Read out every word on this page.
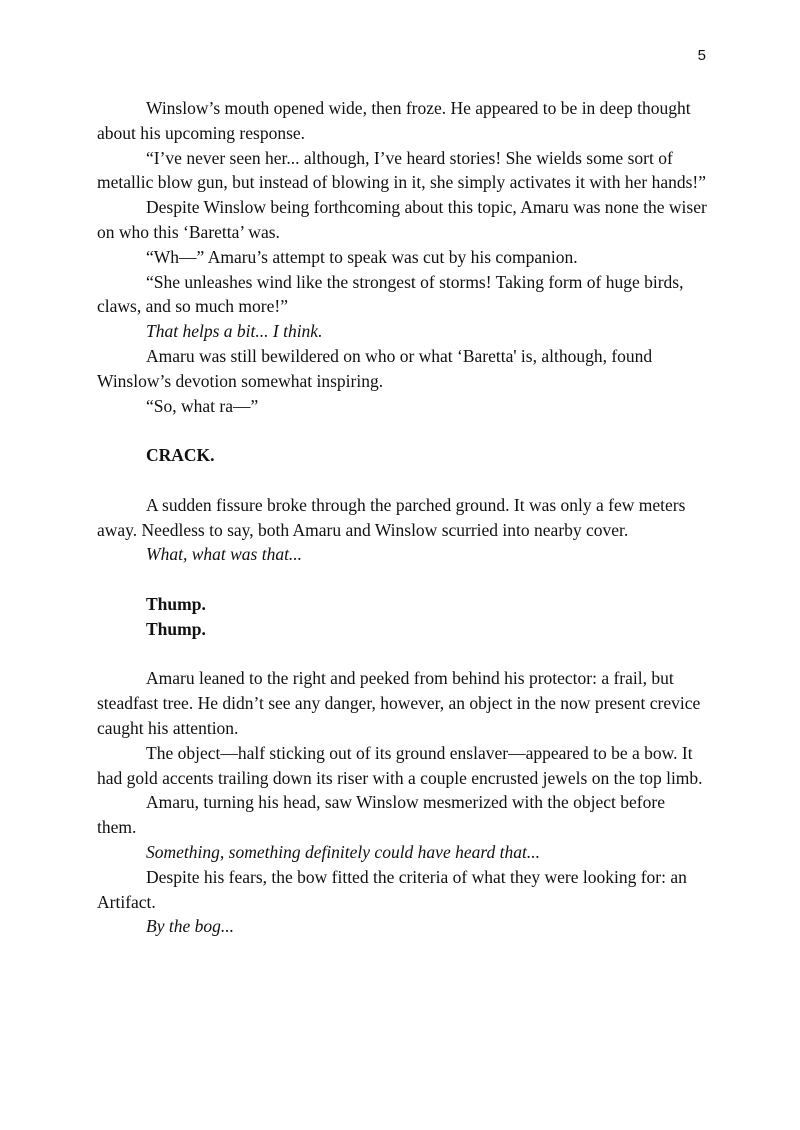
5

Winslow’s mouth opened wide, then froze. He appeared to be in deep thought about his upcoming response.

“I’ve never seen her... although, I’ve heard stories! She wields some sort of metallic blow gun, but instead of blowing in it, she simply activates it with her hands!”

Despite Winslow being forthcoming about this topic, Amaru was none the wiser on who this ‘Baretta’ was.

“Wh—” Amaru’s attempt to speak was cut by his companion.

“She unleashes wind like the strongest of storms! Taking form of huge birds, claws, and so much more!”

That helps a bit... I think.

Amaru was still bewildered on who or what ‘Baretta' is, although, found Winslow’s devotion somewhat inspiring.

“So, what ra—”

CRACK.

A sudden fissure broke through the parched ground. It was only a few meters away. Needless to say, both Amaru and Winslow scurried into nearby cover.

What, what was that...

Thump.

Thump.

Amaru leaned to the right and peeked from behind his protector: a frail, but steadfast tree. He didn’t see any danger, however, an object in the now present crevice caught his attention.

The object—half sticking out of its ground enslaver—appeared to be a bow. It had gold accents trailing down its riser with a couple encrusted jewels on the top limb.

Amaru, turning his head, saw Winslow mesmerized with the object before them.

Something, something definitely could have heard that...

Despite his fears, the bow fitted the criteria of what they were looking for: an Artifact.

By the bog...
